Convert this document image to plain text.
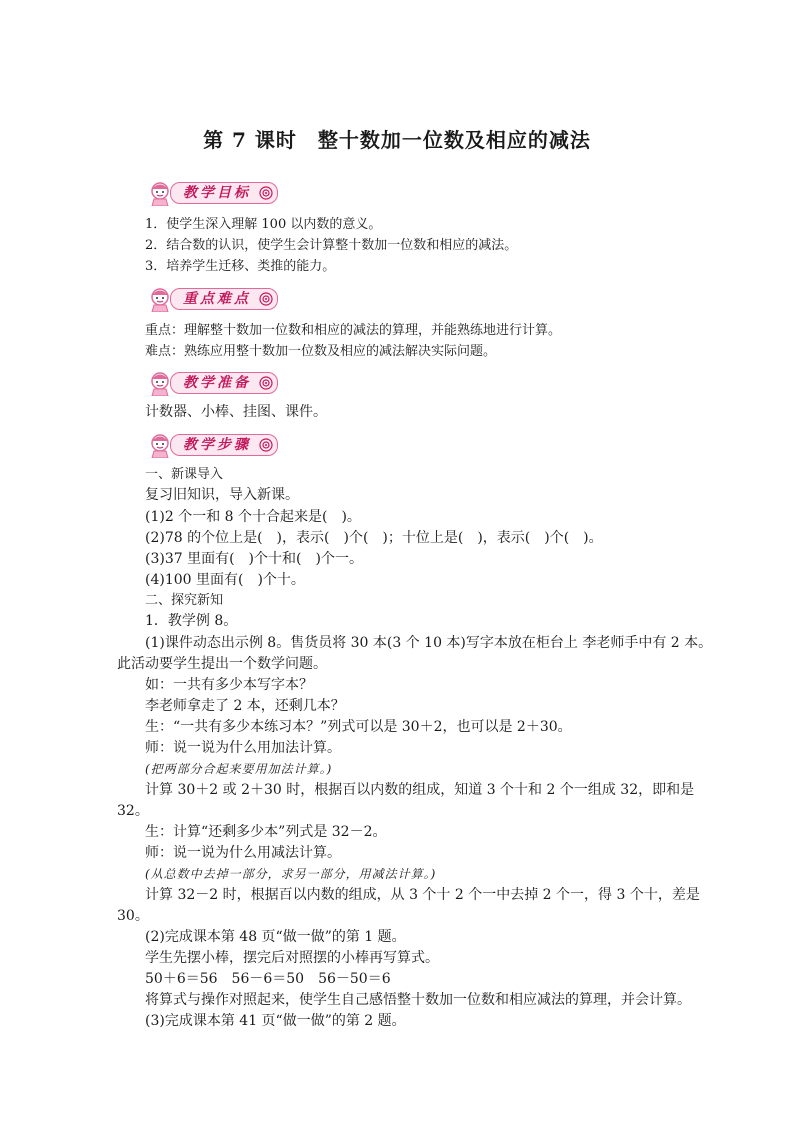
第 7 课时　整十数加一位数及相应的减法
教学目标
1．使学生深入理解 100 以内数的意义。
2．结合数的认识，使学生会计算整十数加一位数和相应的减法。
3．培养学生迁移、类推的能力。
重点难点
重点：理解整十数加一位数和相应的减法的算理，并能熟练地进行计算。
难点：熟练应用整十数加一位数及相应的减法解决实际问题。
教学准备
计数器、小棒、挂图、课件。
教学步骤
一、新课导入
复习旧知识，导入新课。
(1)2 个一和 8 个十合起来是(　)。
(2)78 的个位上是(　)，表示(　)个(　)；十位上是(　)，表示(　)个(　)。
(3)37 里面有(　)个十和(　)个一。
(4)100 里面有(　)个十。
二、探究新知
1．教学例 8。
(1)课件动态出示例 8。售货员将 30 本(3 个 10 本)写字本放在柜台上 李老师手中有 2 本。
此活动要学生提出一个数学问题。
如：一共有多少本写字本？
李老师拿走了 2 本，还剩几本？
生：“一共有多少本练习本？”列式可以是 30＋2，也可以是 2＋30。
师：说一说为什么用加法计算。
(把两部分合起来要用加法计算。)
计算 30＋2 或 2＋30 时，根据百以内数的组成，知道 3 个十和 2 个一组成 32，即和是
32。
生：计算“还剩多少本”列式是 32－2。
师：说一说为什么用减法计算。
(从总数中去掉一部分，求另一部分，用减法计算。)
计算 32－2 时，根据百以内数的组成，从 3 个十 2 个一中去掉 2 个一，得 3 个十，差是
30。
(2)完成课本第 48 页“做一做”的第 1 题。
学生先摆小棒，摆完后对照摆的小棒再写算式。
50＋6＝56　56－6＝50　56－50＝6
将算式与操作对照起来，使学生自己感悟整十数加一位数和相应减法的算理，并会计算。
(3)完成课本第 41 页“做一做”的第 2 题。
